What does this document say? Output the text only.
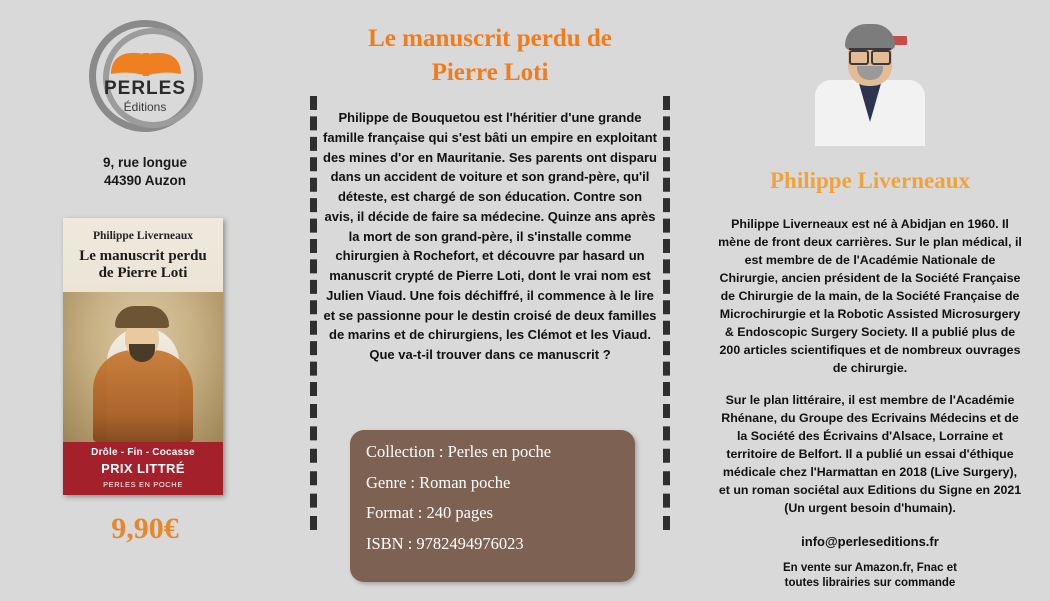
PERLES
Éditions
9, rue longue
44390 Auzon
Philippe Liverneaux
Le manuscrit perdu
de Pierre Loti
Drôle - Fin - Cocasse
PRIX LITTRÉ
PERLES EN POCHE
9,90€
Le manuscrit perdu de
Pierre Loti
Philippe de Bouquetou est l'héritier d'une grande famille française qui s'est bâti un empire en exploitant des mines d'or en Mauritanie. Ses parents ont disparu dans un accident de voiture et son grand-père, qu'il déteste, est chargé de son éducation. Contre son avis, il décide de faire sa médecine. Quinze ans après la mort de son grand-père, il s'installe comme chirurgien à Rochefort, et découvre par hasard un manuscrit crypté de Pierre Loti, dont le vrai nom est Julien Viaud. Une fois déchiffré, il commence à le lire et se passionne pour le destin croisé de deux familles de marins et de chirurgiens, les Clémot et les Viaud. Que va-t-il trouver dans ce manuscrit ?
Collection : Perles en poche
Genre : Roman poche
Format : 240 pages
ISBN : 9782494976023
Philippe Liverneaux

Philippe Liverneaux est né à Abidjan en 1960. Il mène de front deux carrières. Sur le plan médical, il est membre de de l'Académie Nationale de Chirurgie, ancien président de la Société Française de Chirurgie de la main, de la Société Française de Microchirurgie et la Robotic Assisted Microsurgery & Endoscopic Surgery Society. Il a publié plus de 200 articles scientifiques et de nombreux ouvrages de chirurgie.

Sur le plan littéraire, il est membre de l'Académie Rhénane, du Groupe des Ecrivains Médecins et de la Société des Écrivains d'Alsace, Lorraine et territoire de Belfort. Il a publié un essai d'éthique médicale chez l'Harmattan en 2018 (Live Surgery), et un roman sociétal aux Editions du Signe en 2021 (Un urgent besoin d'humain).

info@perleseditions.fr
En vente sur Amazon.fr, Fnac et
toutes librairies sur commande
